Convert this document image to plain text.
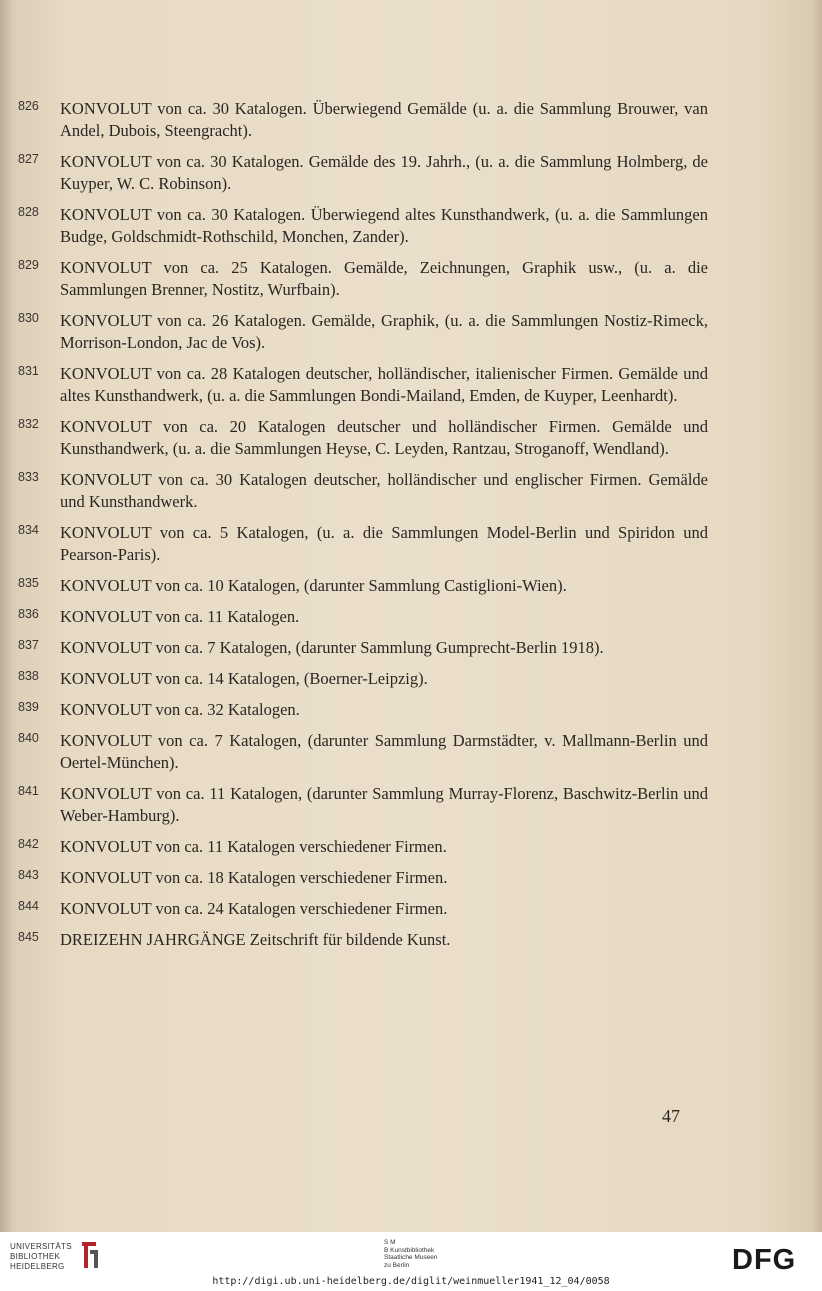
826 KONVOLUT von ca. 30 Katalogen. Überwiegend Gemälde (u. a. die Sammlung Brouwer, van Andel, Dubois, Steengracht).
827 KONVOLUT von ca. 30 Katalogen. Gemälde des 19. Jahrh., (u. a. die Sammlung Holmberg, de Kuyper, W. C. Robinson).
828 KONVOLUT von ca. 30 Katalogen. Überwiegend altes Kunsthandwerk, (u. a. die Sammlungen Budge, Goldschmidt-Rothschild, Monchen, Zander).
829 KONVOLUT von ca. 25 Katalogen. Gemälde, Zeichnungen, Graphik usw., (u. a. die Sammlungen Brenner, Nostitz, Wurfbain).
830 KONVOLUT von ca. 26 Katalogen. Gemälde, Graphik, (u. a. die Sammlungen Nostiz-Rimeck, Morrison-London, Jac de Vos).
831 KONVOLUT von ca. 28 Katalogen deutscher, holländischer, italienischer Firmen. Gemälde und altes Kunsthandwerk, (u. a. die Sammlungen Bondi-Mailand, Emden, de Kuyper, Leenhardt).
832 KONVOLUT von ca. 20 Katalogen deutscher und holländischer Firmen. Gemälde und Kunsthandwerk, (u. a. die Sammlungen Heyse, C. Leyden, Rantzau, Stroganoff, Wendland).
833 KONVOLUT von ca. 30 Katalogen deutscher, holländischer und englischer Firmen. Gemälde und Kunsthandwerk.
834 KONVOLUT von ca. 5 Katalogen, (u. a. die Sammlungen Model-Berlin und Spiridon und Pearson-Paris).
835 KONVOLUT von ca. 10 Katalogen, (darunter Sammlung Castiglioni-Wien).
836 KONVOLUT von ca. 11 Katalogen.
837 KONVOLUT von ca. 7 Katalogen, (darunter Sammlung Gumprecht-Berlin 1918).
838 KONVOLUT von ca. 14 Katalogen, (Boerner-Leipzig).
839 KONVOLUT von ca. 32 Katalogen.
840 KONVOLUT von ca. 7 Katalogen, (darunter Sammlung Darmstädter, v. Mallmann-Berlin und Oertel-München).
841 KONVOLUT von ca. 11 Katalogen, (darunter Sammlung Murray-Florenz, Baschwitz-Berlin und Weber-Hamburg).
842 KONVOLUT von ca. 11 Katalogen verschiedener Firmen.
843 KONVOLUT von ca. 18 Katalogen verschiedener Firmen.
844 KONVOLUT von ca. 24 Katalogen verschiedener Firmen.
845 DREIZEHN JAHRGÄNGE Zeitschrift für bildende Kunst.
47
UNIVERSITÄTS
BIBLIOTHEK
HEIDELBERG
S M
B Kunstbibliothek
Staatliche Museen
zu Berlin	DFG
http://digi.ub.uni-heidelberg.de/diglit/weinmueller1941_12_04/0058
